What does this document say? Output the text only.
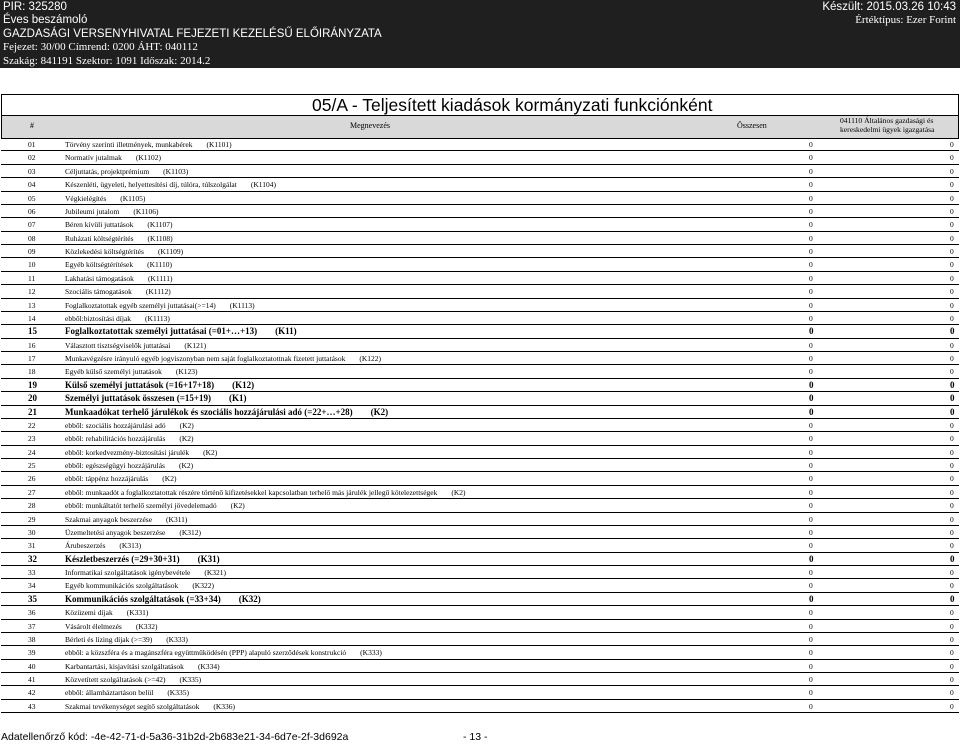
PIR: 325280
Éves beszámoló
GAZDASÁGI VERSENYHIVATAL FEJEZETI KEZELÉSŰ ELŐIRÁNYZATA
Fejezet: 30/00 Címrend: 0200 ÁHT: 040112
Szakág: 841191 Szektor: 1091 Időszak: 2014.2
Készült: 2015.03.26 10:43
Értéktípus: Ezer Forint
05/A - Teljesített kiadások kormányzati funkciónként
#	Megnevezés	Összesen
041110 Általános gazdasági és kereskedelmi ügyek igazgatása
01	Törvény szerinti illetmények, munkabérek (K1101)	0	0
02	Normatív jutalmak (K1102)	0	0
03	Céljuttatás, projektprémium (K1103)	0	0
04	Készenléti, ügyeleti, helyettesítési díj, túlóra, túlszolgálat (K1104)	0	0
05	Végkielégítés (K1105)	0	0
06	Jubileumi jutalom (K1106)	0	0
07	Béren kívüli juttatások (K1107)	0	0
08	Ruházati költségtérítés (K1108)	0	0
09	Közlekedési költségtérítés (K1109)	0	0
10	Egyéb költségtérítések (K1110)	0	0
11	Lakhatási támogatások (K1111)	0	0
12	Szociális támogatások (K1112)	0	0
13	Foglalkoztatottak egyéb személyi juttatásai(>=14) (K1113)	0	0
14	ebből:biztosítási díjak (K1113)	0	0
15	Foglalkoztatottak személyi juttatásai (=01+…+13) (K11)	0	0
16	Választott tisztségviselők juttatásai (K121)	0	0
17	Munkavégzésre irányuló egyéb jogviszonyban nem saját foglalkoztatottnak fizetett juttatások (K122)	0	0
18	Egyéb külső személyi juttatások (K123)	0	0
19	Külső személyi juttatások (=16+17+18) (K12)	0	0
20	Személyi juttatások összesen (=15+19) (K1)	0	0
21	Munkaadókat terhelő járulékok és szociális hozzájárulási adó (=22+…+28) (K2)	0	0
22	ebből: szociális hozzájárulási adó (K2)	0	0
23	ebből: rehabilitációs hozzájárulás (K2)	0	0
24	ebből: korkedvezmény-biztosítási járulék (K2)	0	0
25	ebből: egészségügyi hozzájárulás (K2)	0	0
26	ebből: táppénz hozzájárulás (K2)	0	0
27	ebből: munkaadót a foglalkoztatottak részére történő kifizetésekkel kapcsolatban terhelő más járulék jellegű kötelezettségek (K2)	0	0
28	ebből: munkáltatót terhelő személyi jövedelemadó (K2)	0	0
29	Szakmai anyagok beszerzése (K311)	0	0
30	Üzemeltetési anyagok beszerzése (K312)	0	0
31	Árubeszerzés (K313)	0	0
32	Készletbeszerzés (=29+30+31) (K31)	0	0
33	Informatikai szolgáltatások igénybevétele (K321)	0	0
34	Egyéb kommunikációs szolgáltatások (K322)	0	0
35	Kommunikációs szolgáltatások (=33+34) (K32)	0	0
36	Közüzemi díjak (K331)	0	0
37	Vásárolt élelmezés (K332)	0	0
38	Bérleti és lízing díjak (>=39) (K333)	0	0
39	ebből: a közszféra és a magánszféra együttműködésén (PPP) alapuló szerződések konstrukció (K333)	0	0
40	Karbantartási, kisjavítási szolgáltatások (K334)	0	0
41	Közvetített szolgáltatások (>=42) (K335)	0	0
42	ebből: államháztartáson belül (K335)	0	0
43	Szakmai tevékenységet segítő szolgáltatások (K336)	0	0
Adatellenőrző kód: -4e-42-71-d-5a36-31b2d-2b683e21-34-6d7e-2f-3d692a	- 13 -
